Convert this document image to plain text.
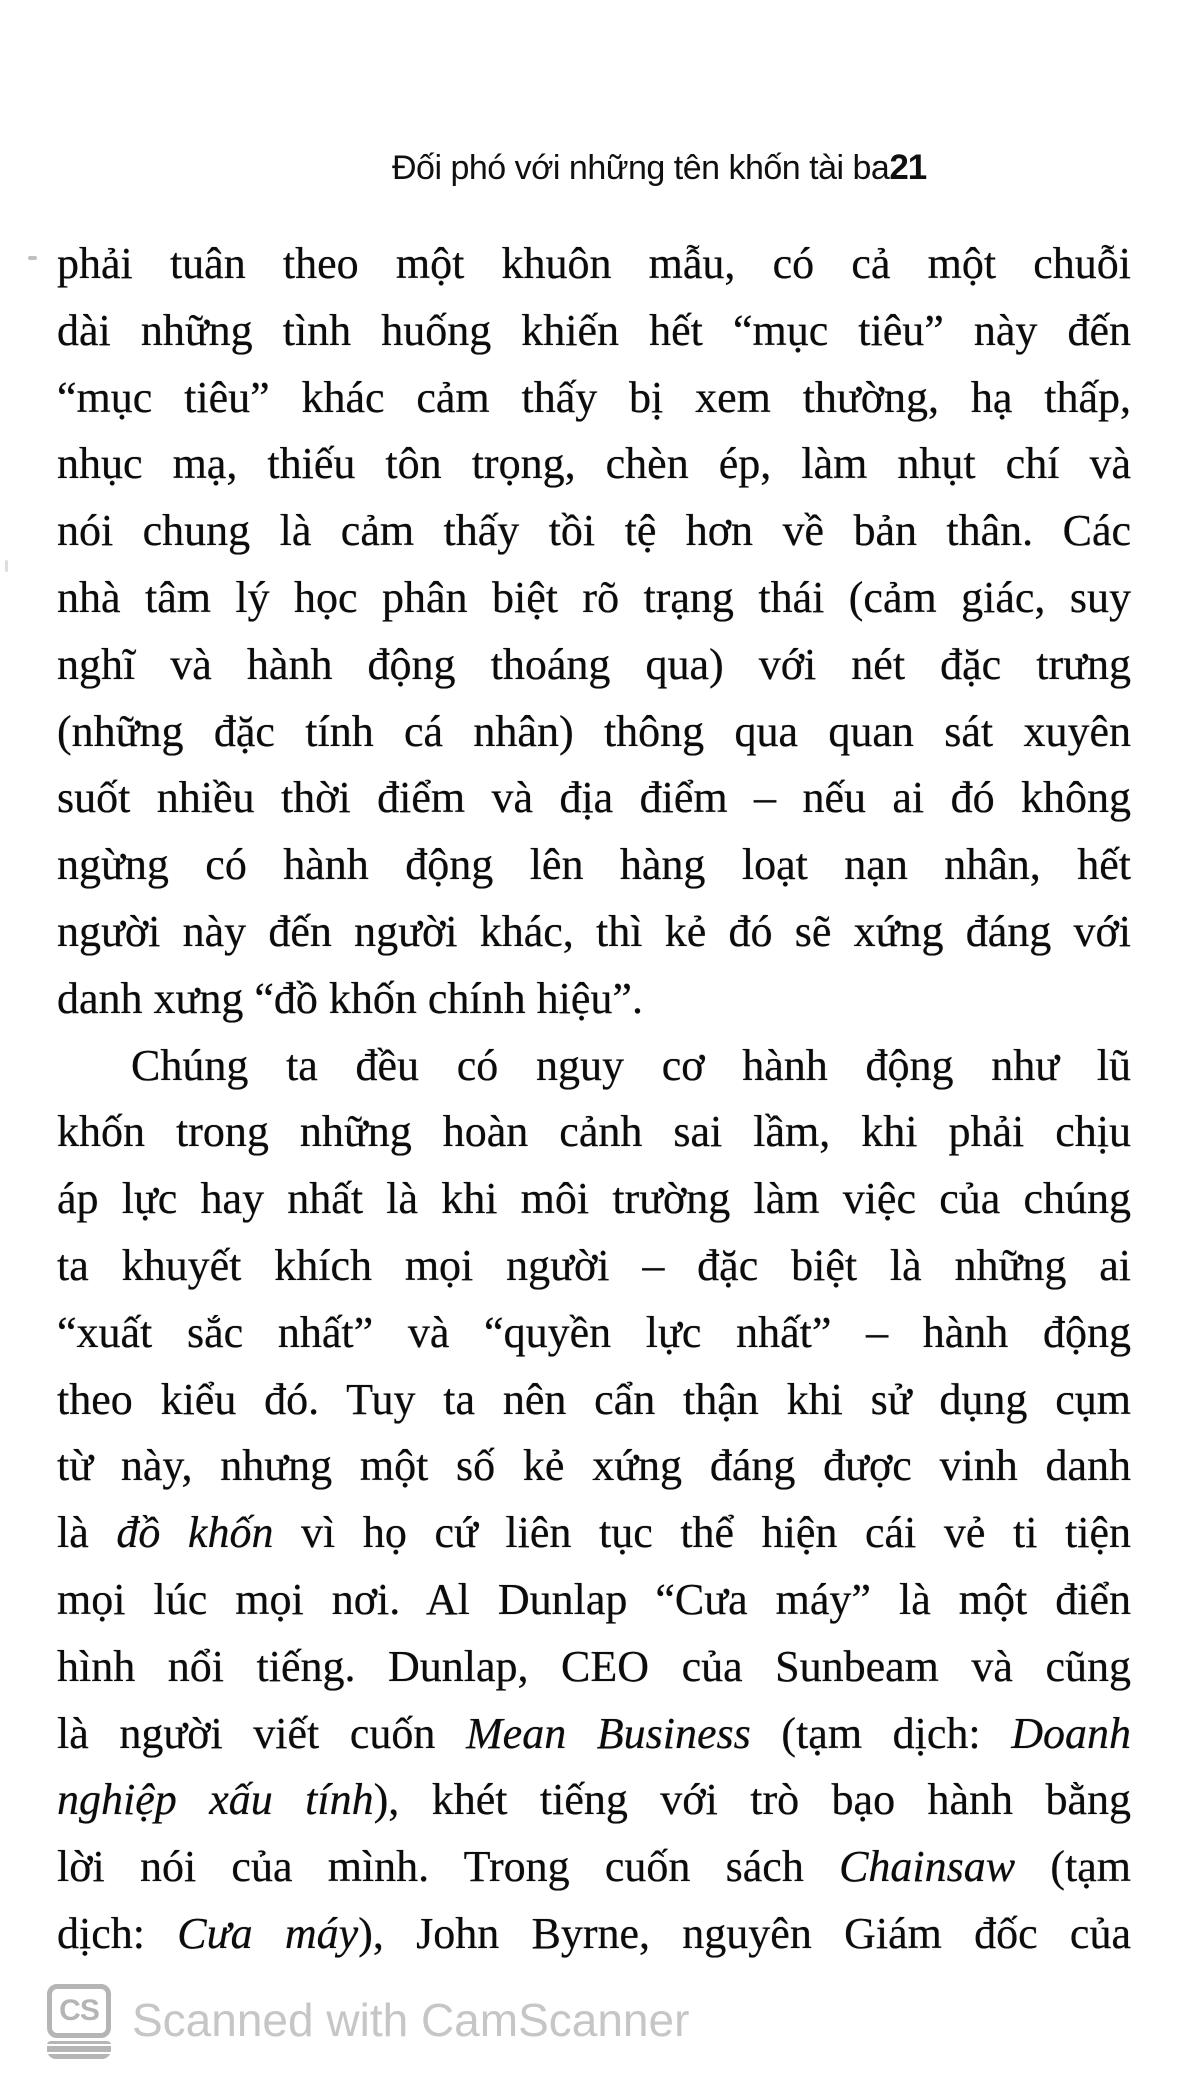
Đối phó với những tên khốn tài ba 21
phải tuân theo một khuôn mẫu, có cả một chuỗi
dài những tình huống khiến hết “mục tiêu” này đến
“mục tiêu” khác cảm thấy bị xem thường, hạ thấp,
nhục mạ, thiếu tôn trọng, chèn ép, làm nhụt chí và
nói chung là cảm thấy tồi tệ hơn về bản thân. Các
nhà tâm lý học phân biệt rõ trạng thái (cảm giác, suy
nghĩ và hành động thoáng qua) với nét đặc trưng
(những đặc tính cá nhân) thông qua quan sát xuyên
suốt nhiều thời điểm và địa điểm – nếu ai đó không
ngừng có hành động lên hàng loạt nạn nhân, hết
người này đến người khác, thì kẻ đó sẽ xứng đáng với
danh xưng “đồ khốn chính hiệu”.
Chúng ta đều có nguy cơ hành động như lũ
khốn trong những hoàn cảnh sai lầm, khi phải chịu
áp lực hay nhất là khi môi trường làm việc của chúng
ta khuyết khích mọi người – đặc biệt là những ai
“xuất sắc nhất” và “quyền lực nhất” – hành động
theo kiểu đó. Tuy ta nên cẩn thận khi sử dụng cụm
từ này, nhưng một số kẻ xứng đáng được vinh danh
là đồ khốn vì họ cứ liên tục thể hiện cái vẻ ti tiện
mọi lúc mọi nơi. Al Dunlap “Cưa máy” là một điển
hình nổi tiếng. Dunlap, CEO của Sunbeam và cũng
là người viết cuốn Mean Business (tạm dịch: Doanh
nghiệp xấu tính), khét tiếng với trò bạo hành bằng
lời nói của mình. Trong cuốn sách Chainsaw (tạm
dịch: Cưa máy), John Byrne, nguyên Giám đốc của
CS Scanned with CamScanner
